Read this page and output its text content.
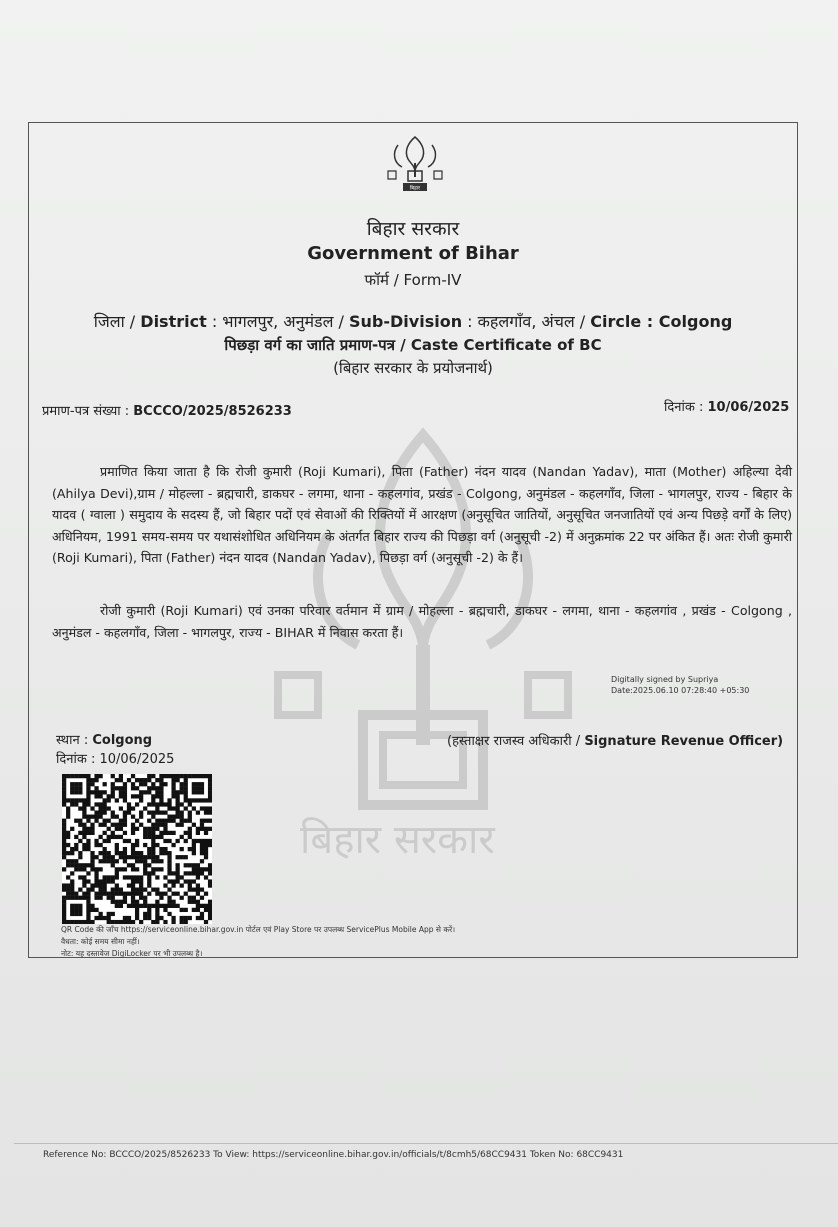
बिहार सरकार
बिहार
बिहार सरकार
Government of Bihar
फॉर्म / Form-IV
जिला / District : भागलपुर, अनुमंडल / Sub-Division : कहलगाँव, अंचल / Circle : Colgong
पिछड़ा वर्ग का जाति प्रमाण-पत्र / Caste Certificate of BC
(बिहार सरकार के प्रयोजनार्थ)
प्रमाण-पत्र संख्या : BCCCO/2025/8526233	दिनांक : 10/06/2025
प्रमाणित किया जाता है कि रोजी कुमारी (Roji Kumari), पिता (Father) नंदन यादव (Nandan Yadav), माता (Mother) अहिल्या देवी (Ahilya Devi),ग्राम / मोहल्ला - ब्रह्मचारी, डाकघर - लगमा, थाना - कहलगांव, प्रखंड - Colgong, अनुमंडल - कहलगाँव, जिला - भागलपुर, राज्य - बिहार के यादव ( ग्वाला ) समुदाय के सदस्य हैं, जो बिहार पदों एवं सेवाओं की रिक्तियों में आरक्षण (अनुसूचित जातियों, अनुसूचित जनजातियों एवं अन्य पिछड़े वर्गों के लिए) अधिनियम, 1991 समय-समय पर यथासंशोधित अधिनियम के अंतर्गत बिहार राज्य की पिछड़ा वर्ग (अनुसूची -2) में अनुक्रमांक 22 पर अंकित हैं। अतः रोजी कुमारी (Roji Kumari), पिता (Father) नंदन यादव (Nandan Yadav), पिछड़ा वर्ग (अनुसूची -2) के हैं।
रोजी कुमारी (Roji Kumari) एवं उनका परिवार वर्तमान में ग्राम / मोहल्ला - ब्रह्मचारी, डाकघर - लगमा, थाना - कहलगांव , प्रखंड - Colgong , अनुमंडल - कहलगाँव, जिला - भागलपुर, राज्य - BIHAR में निवास करता हैं।
Digitally signed by Supriya
Date:2025.06.10 07:28:40 +05:30
स्थान : Colgong
दिनांक : 10/06/2025
(हस्ताक्षर राजस्व अधिकारी / Signature Revenue Officer)
QR Code की जाँच https://serviceonline.bihar.gov.in पोर्टल एवं Play Store पर उपलब्ध ServicePlus Mobile App से करें।
वैधता: कोई समय सीमा नहीं।
नोट: यह दस्तावेज DigiLocker पर भी उपलब्ध है।
Reference No: BCCCO/2025/8526233 To View: https://serviceonline.bihar.gov.in/officials/t/8cmh5/68CC9431 Token No: 68CC9431
